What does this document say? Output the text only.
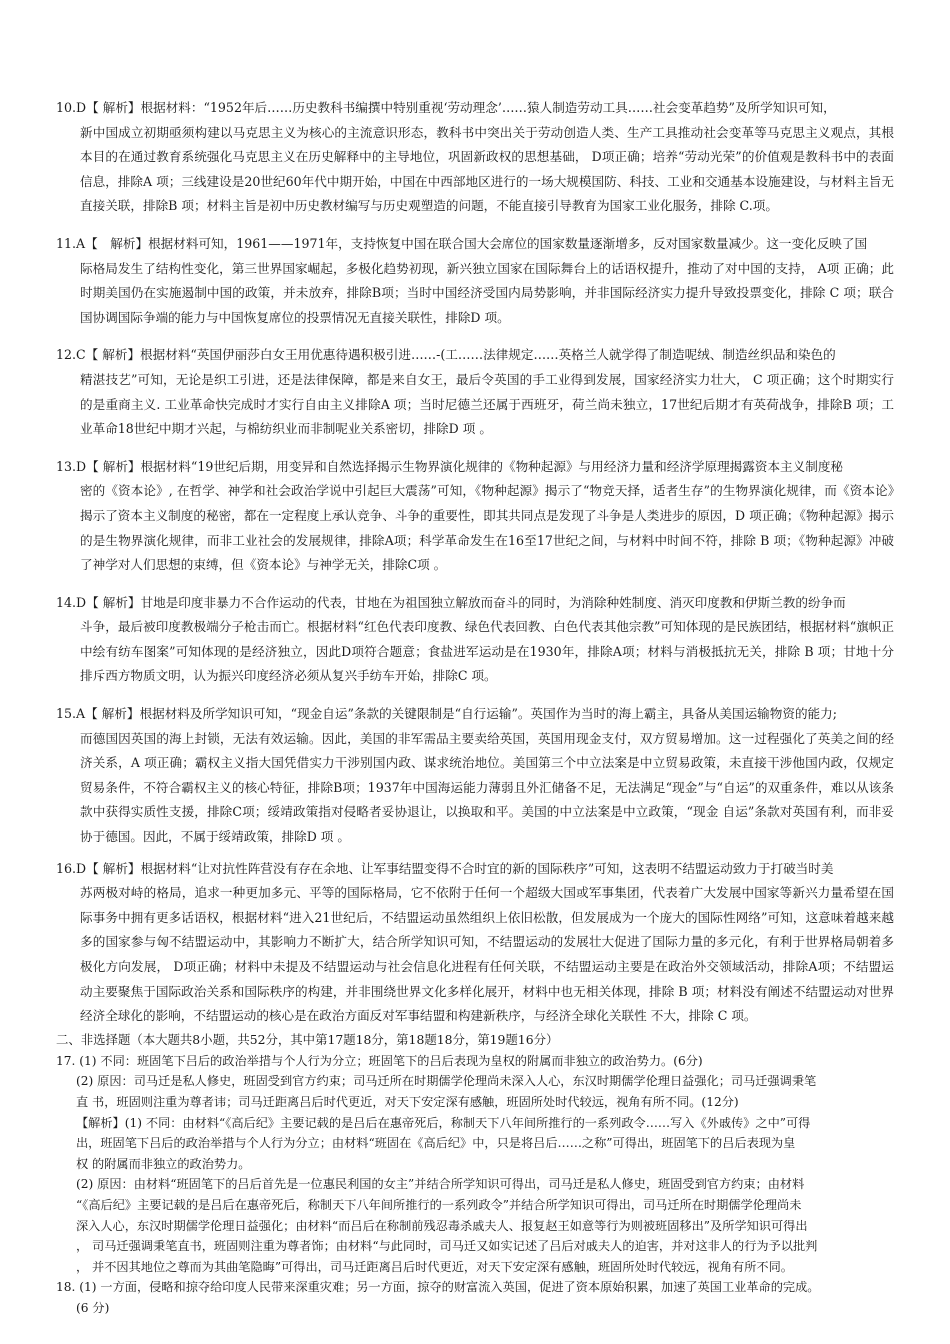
10.D【 解析】根据材料：“1952年后……历史教科书编撰中特别重视‘劳动理念’……猿人制造劳动工具……社会变革趋势”及所学知识可知，
新中国成立初期亟须构建以马克思主义为核心的主流意识形态，教科书中突出关于劳动创造人类、生产工具推动社会变革等马克思主义观点，其根本目的在通过教育系统强化马克思主义在历史解释中的主导地位，巩固新政权的思想基础， D项正确；培养“劳动光荣”的价值观是教科书中的表面信息，排除A 项；三线建设是20世纪60年代中期开始，中国在中西部地区进行的一场大规模国防、科技、工业和交通基本设施建设，与材料主旨无直接关联，排除B 项；材料主旨是初中历史教材编写与历史观塑造的问题，不能直接引导教育为国家工业化服务，排除 C.项。

11.A【　解析】根据材料可知，1961——1971年，支持恢复中国在联合国大会席位的国家数量逐渐增多，反对国家数量减少。这一变化反映了国
际格局发生了结构性变化，第三世界国家崛起，多极化趋势初现，新兴独立国家在国际舞台上的话语权提升，推动了对中国的支持， A项 正确；此时期美国仍在实施遏制中国的政策，并未放弃，排除B项；当时中国经济受国内局势影响，并非国际经济实力提升导致投票变化，排除 C 项；联合国协调国际争端的能力与中国恢复席位的投票情况无直接关联性，排除D 项。

12.C【 解析】根据材料“英国伊丽莎白女王用优惠待遇积极引进……-(工……法律规定……英格兰人就学得了制造呢绒、制造丝织品和染色的
精湛技艺”可知，无论是织工引进，还是法律保障，都是来自女王，最后令英国的手工业得到发展，国家经济实力壮大， C 项正确；这个时期实行的是重商主义. 工业革命快完成时才实行自由主义排除A 项；当时尼德兰还属于西班牙，荷兰尚未独立，17世纪后期才有英荷战争，排除B 项；工业革命18世纪中期才兴起，与棉纺织业而非制呢业关系密切，排除D 项 。

13.D【 解析】根据材料“19世纪后期，用变异和自然选择揭示生物界演化规律的《物种起源》与用经济力量和经济学原理揭露资本主义制度秘
密的《资本论》, 在哲学、神学和社会政治学说中引起巨大震荡”可知，《物种起源》揭示了“物竞天择，适者生存”的生物界演化规律，而《资本论》揭示了资本主义制度的秘密，都在一定程度上承认竞争、斗争的重要性，即其共同点是发现了斗争是人类进步的原因，D 项正确；《物种起源》揭示的是生物界演化规律，而非工业社会的发展规律，排除A项；科学革命发生在16至17世纪之间，与材料中时间不符，排除 B 项；《物种起源》冲破了神学对人们思想的束缚，但《资本论》与神学无关，排除C项 。

14.D【 解析】甘地是印度非暴力不合作运动的代表，甘地在为祖国独立解放而奋斗的同时，为消除种姓制度、消灭印度教和伊斯兰教的纷争而
斗争，最后被印度教极端分子枪击而亡。根据材料“红色代表印度教、绿色代表回教、白色代表其他宗教”可知体现的是民族团结，根据材料“旗帜正中绘有纺车图案”可知体现的是经济独立，因此D项符合题意；食盐进军运动是在1930年，排除A项；材料与消极抵抗无关，排除 B 项；甘地十分排斥西方物质文明，认为振兴印度经济必须从复兴手纺车开始，排除C 项。

15.A【 解析】根据材料及所学知识可知，“现金自运”条款的关键限制是“自行运输”。英国作为当时的海上霸主，具备从美国运输物资的能力;
而德国因英国的海上封锁，无法有效运输。因此，美国的非军需品主要卖给英国，英国用现金支付，双方贸易增加。这一过程强化了英美之间的经济关系，A 项正确；霸权主义指大国凭借实力干涉别国内政、谋求统治地位。美国第三个中立法案是中立贸易政策，未直接干涉他国内政，仅规定贸易条件，不符合霸权主义的核心特征，排除B项；1937年中国海运能力薄弱且外汇储备不足，无法满足“现金”与“自运”的双重条件，难以从该条款中获得实质性支援，排除C项；绥靖政策指对侵略者妥协退让，以换取和平。美国的中立法案是中立政策，“现金 自运”条款对英国有利，而非妥协于德国。因此，不属于绥靖政策，排除D 项 。

16.D【 解析】根据材料“让对抗性阵营没有存在余地、让军事结盟变得不合时宜的新的国际秩序”可知，这表明不结盟运动致力于打破当时美
苏两极对峙的格局，追求一种更加多元、平等的国际格局，它不依附于任何一个超级大国或军事集团，代表着广大发展中国家等新兴力量希望在国际事务中拥有更多话语权，根据材料“进入21世纪后，不结盟运动虽然组织上依旧松散，但发展成为一个庞大的国际性网络”可知，这意味着越来越多的国家参与匈不结盟运动中，其影响力不断扩大，结合所学知识可知，不结盟运动的发展壮大促进了国际力量的多元化，有利于世界格局朝着多极化方向发展， D项正确；材料中未提及不结盟运动与社会信息化进程有任何关联，不结盟运动主要是在政治外交领域活动，排除A项；不结盟运动主要聚焦于国际政治关系和国际秩序的构建，并非围绕世界文化多样化展开，材料中也无相关体现，排除 B 项；材料没有阐述不结盟运动对世界经济全球化的影响，不结盟运动的核心是在政治方面反对军事结盟和构建新秩序，与经济全球化关联性 不大，排除 C 项。

二、非选择题（本大题共8小题，共52分，其中第17题18分，第18题18分，第19题16分）

17. (1) 不同：班固笔下吕后的政治举措与个人行为分立；班固笔下的吕后表现为皇权的附属而非独立的政治势力。(6分)

(2) 原因：司马迁是私人修史，班固受到官方约束；司马迁所在时期儒学伦理尚未深入人心，东汉时期儒学伦理日益强化；司马迁强调秉笔
直 书，班固则注重为尊者讳；司马迁距离吕后时代更近，对天下安定深有感触，班固所处时代较远，视角有所不同。(12分)

【解析】(1) 不同：由材料“《高后纪》主要记载的是吕后在惠帝死后，称制天下八年间所推行的一系列政令……写入《外戚传》之中”可得
出，班固笔下吕后的政治举措与个人行为分立；由材料“班固在《高后纪》中，只是将吕后……之称”可得出，班固笔下的吕后表现为皇
权 的附属而非独立的政治势力。

(2) 原因：由材料“班固笔下的吕后首先是一位惠民利国的女主”并结合所学知识可得出，司马迁是私人修史，班固受到官方约束；由材料
“《高后纪》主要记载的是吕后在惠帝死后，称制天下八年间所推行的一系列政令”并结合所学知识可得出，司马迁所在时期儒学伦理尚未
深入人心，东汉时期儒学伦理日益强化；由材料“而吕后在称制前残忍毒杀戚夫人、报复赵王如意等行为则被班固移出”及所学知识可得出
， 司马迁强调秉笔直书，班固则注重为尊者饰；由材料“与此同时，司马迁又如实记述了吕后对戚夫人的迫害，并对这非人的行为予以批判
， 并不因其地位之尊而为其曲笔隐晦”可得出，司马迁距离吕后时代更近，对天下安定深有感触，班固所处时代较远，视角有所不同。

18. (1) 一方面，侵略和掠夺给印度人民带来深重灾难；另一方面，掠夺的财富流入英国，促进了资本原始积累，加速了英国工业革命的完成。

(6 分)
